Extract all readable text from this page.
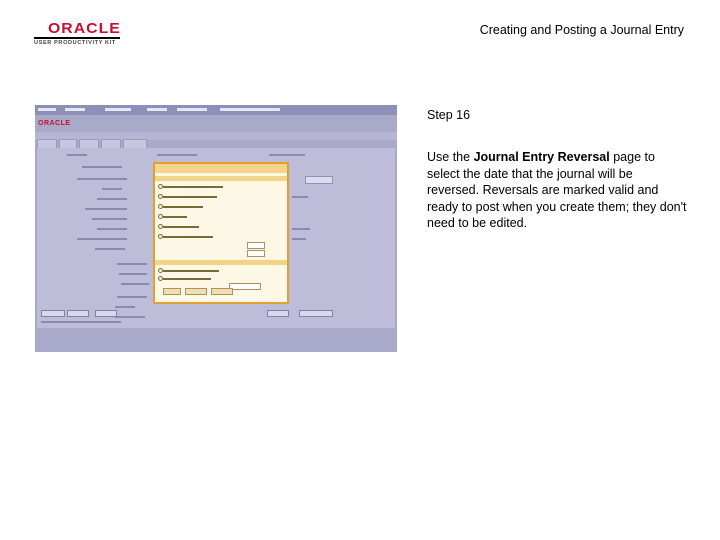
ORACLE
USER PRODUCTIVITY KIT
Creating and Posting a Journal Entry
ORACLE
Step 16
Use the Journal Entry Reversal page to select the date that the journal will be reversed. Reversals are marked valid and ready to post when you create them; they don't need to be edited.
